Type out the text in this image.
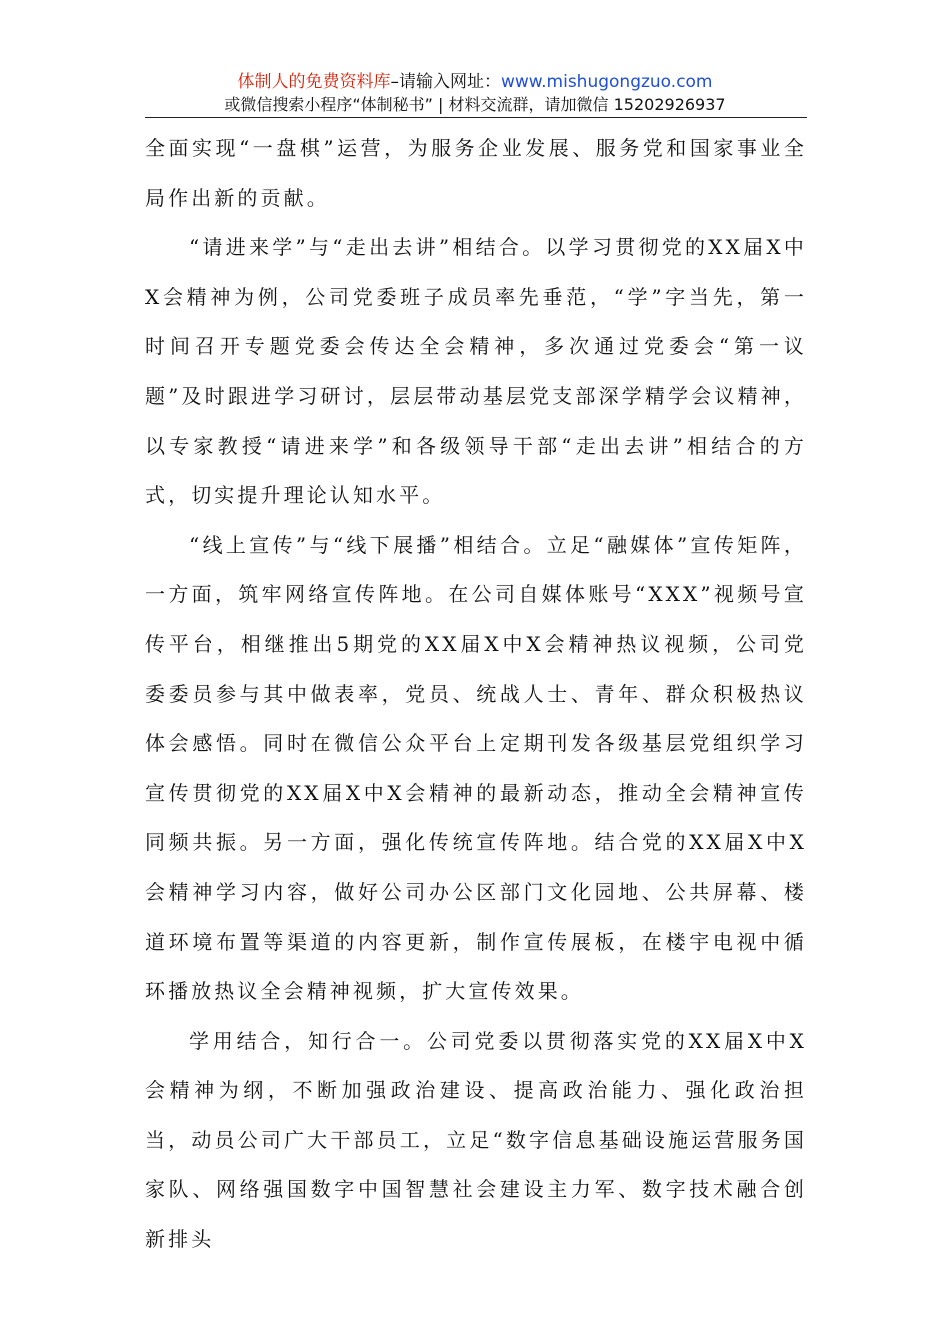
体制人的免费资料库–请输入网址：www.mishugongzuo.com
或微信搜索小程序“体制秘书” | 材料交流群，请加微信 15202926937

全面实现“一盘棋”运营，为服务企业发展、服务党和国家事业全局作出新的贡献。

“请进来学”与“走出去讲”相结合。以学习贯彻党的XX届X中X会精神为例，公司党委班子成员率先垂范，“学”字当先，第一时间召开专题党委会传达全会精神，多次通过党委会“第一议题”及时跟进学习研讨，层层带动基层党支部深学精学会议精神，以专家教授“请进来学”和各级领导干部“走出去讲”相结合的方式，切实提升理论认知水平。

“线上宣传”与“线下展播”相结合。立足“融媒体”宣传矩阵，一方面，筑牢网络宣传阵地。在公司自媒体账号“XXX”视频号宣传平台，相继推出5期党的XX届X中X会精神热议视频，公司党委委员参与其中做表率，党员、统战人士、青年、群众积极热议体会感悟。同时在微信公众平台上定期刊发各级基层党组织学习宣传贯彻党的XX届X中X会精神的最新动态，推动全会精神宣传同频共振。另一方面，强化传统宣传阵地。结合党的XX届X中X会精神学习内容，做好公司办公区部门文化园地、公共屏幕、楼道环境布置等渠道的内容更新，制作宣传展板，在楼宇电视中循环播放热议全会精神视频，扩大宣传效果。

学用结合，知行合一。公司党委以贯彻落实党的XX届X中X会精神为纲，不断加强政治建设、提高政治能力、强化政治担当，动员公司广大干部员工，立足“数字信息基础设施运营服务国家队、网络强国数字中国智慧社会建设主力军、数字技术融合创新排头
